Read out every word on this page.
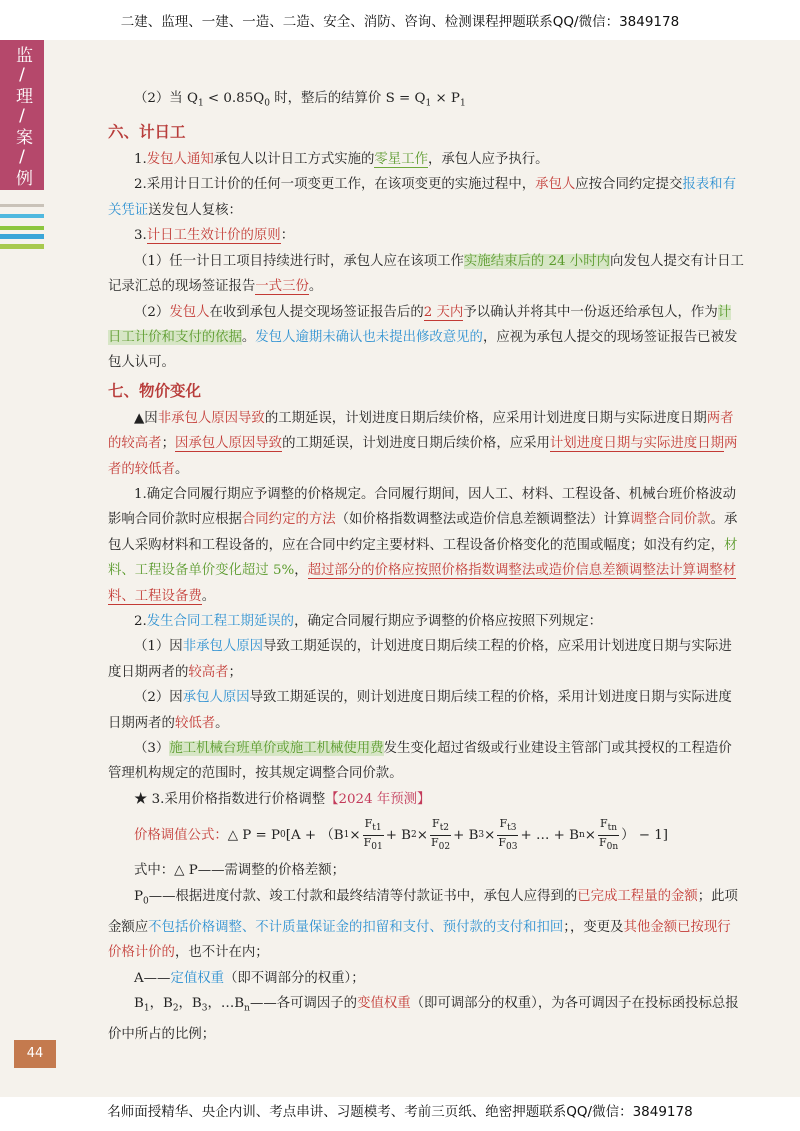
二建、监理、一建、一造、二造、安全、消防、咨询、检测课程押题联系QQ/微信：3849178
监/理/案/例	（2）当 $Q_1 < 0.85Q_0$ 时，整后的结算价 $S = Q_1 \times P_1$

六、计日工

1.发包人通知承包人以计日工方式实施的零星工作，承包人应予执行。

2.采用计日工计价的任何一项变更工作，在该项变更的实施过程中，承包人应按合同约定提交报表和有关凭证送发包人复核：

3.计日工生效计价的原则：

（1）任一计日工项目持续进行时，承包人应在该项工作实施结束后的 24 小时内向发包人提交有计日工记录汇总的现场签证报告一式三份。

（2）发包人在收到承包人提交现场签证报告后的2 天内予以确认并将其中一份返还给承包人，作为计日工计价和支付的依据。发包人逾期未确认也未提出修改意见的，应视为承包人提交的现场签证报告已被发包人认可。

七、物价变化

▲因非承包人原因导致的工期延误，计划进度日期后续价格，应采用计划进度日期与实际进度日期两者的较高者；因承包人原因导致的工期延误，计划进度日期后续价格，应采用计划进度日期与实际进度日期两者的较低者。

1.确定合同履行期应予调整的价格规定。合同履行期间，因人工、材料、工程设备、机械台班价格波动影响合同价款时应根据合同约定的方法（如价格指数调整法或造价信息差额调整法）计算调整合同价款。承包人采购材料和工程设备的，应在合同中约定主要材料、工程设备价格变化的范围或幅度；如没有约定，材料、工程设备单价变化超过 5%，超过部分的价格应按照价格指数调整法或造价信息差额调整法计算调整材料、工程设备费。

2.发生合同工程工期延误的，确定合同履行期应予调整的价格应按照下列规定：

（1）因非承包人原因导致工期延误的，计划进度日期后续工程的价格，应采用计划进度日期与实际进度日期两者的较高者；

（2）因承包人原因导致工期延误的，则计划进度日期后续工程的价格，采用计划进度日期与实际进度日期两者的较低者。

（3）施工机械台班单价或施工机械使用费发生变化超过省级或行业建设主管部门或其授权的工程造价管理机构规定的范围时，按其规定调整合同价款。

★ 3.采用价格指数进行价格调整【2024 年预测】

价格调值公式： △ P = P 0 [A + （B $1 \times \frac{F_{t1}}{F_{01}} + B$ $2 \times \frac{F_{t2}}{F_{02}} + B$ $3 \times \frac{F_{t3}}{F_{03}}$ + … + B $n \times \frac{F_{tn}}{F_{0n}}$ ） − 1]

式中：△ P——需调整的价格差额；

$P_0——$根据进度付款、竣工付款和最终结清等付款证书中，承包人应得到的已完成工程量的金额；此项金额应不包括价格调整、不计质量保证金的扣留和支付、预付款的支付和扣回；，变更及其他金额已按现行价格计价的，也不计在内；

A——定值权重（即不调部分的权重）；

$B_1$，$B_2$，$B_3$，$\dots B_n——$各可调因子的变值权重（即可调部分的权重），为各可调因子在投标函投标总报价中所占的比例；

44
名师面授精华、央企内训、考点串讲、习题模考、考前三页纸、绝密押题联系QQ/微信：3849178
